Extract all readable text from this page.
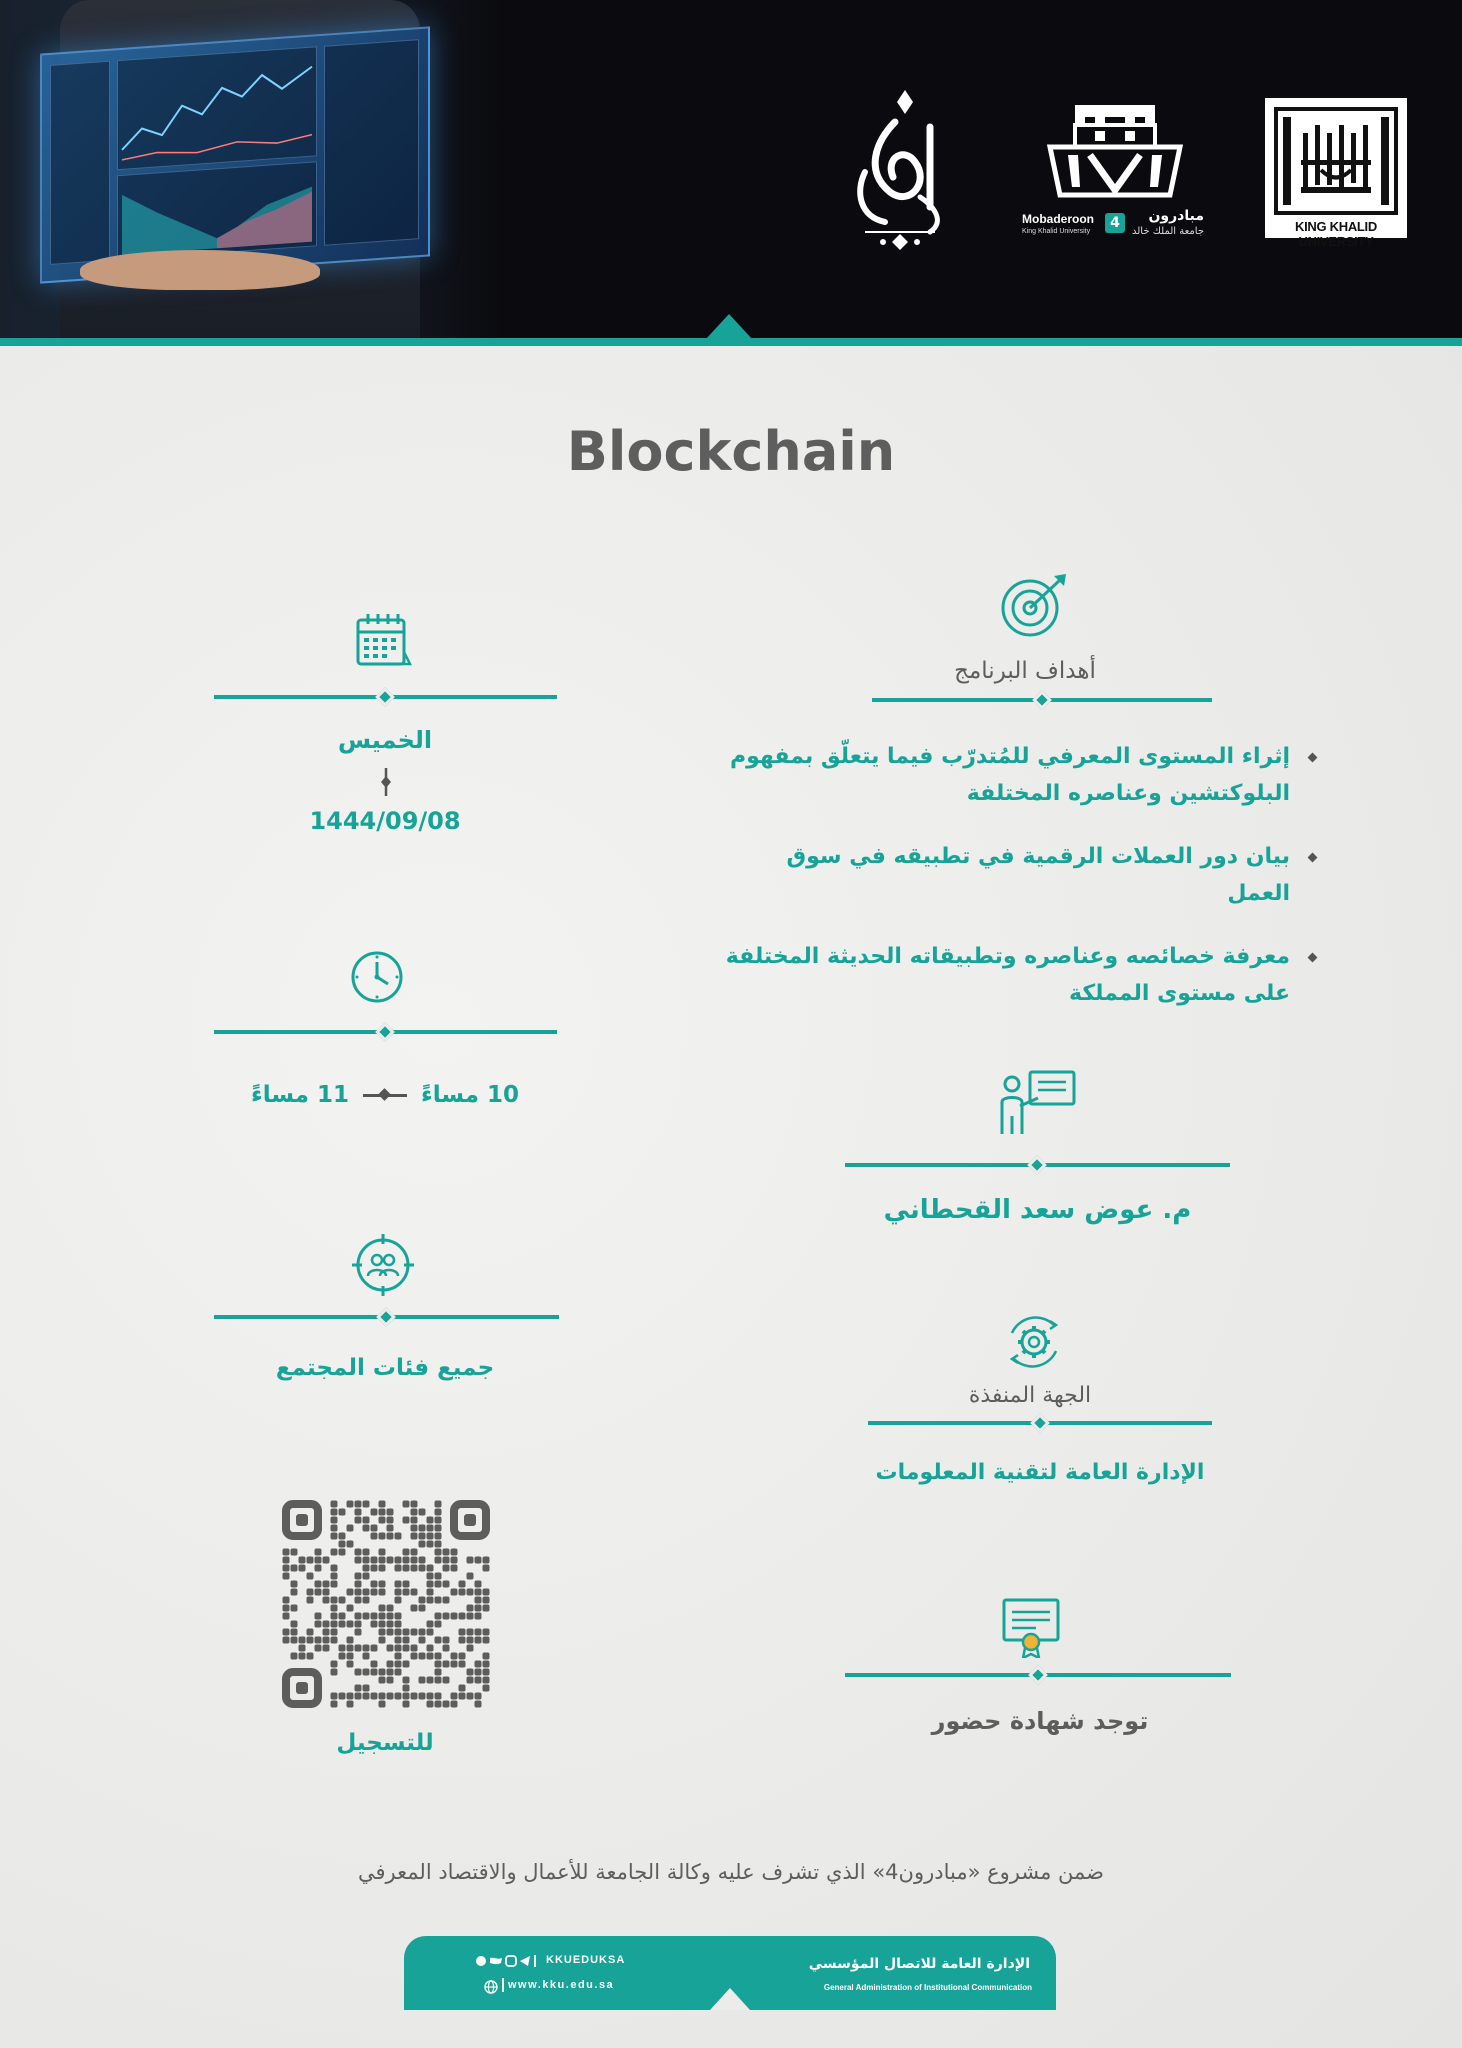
Mobaderoon
King Khalid University
4	مبادرون
جامعة الملك خالد	KING KHALID UNIVERSITY
Blockchain
أهداف البرنامج
إثراء المستوى المعرفي للمُتدرّب فيما يتعلّق بمفهوم البلوكتشين وعناصره المختلفة
بيان دور العملات الرقمية في تطبيقه في سوق العمل
معرفة خصائصه وعناصره وتطبيقاته الحديثة المختلفة على مستوى المملكة
م. عوض سعد القحطاني
الجهة المنفذة
الإدارة العامة لتقنية المعلومات
توجد شهادة حضور
الخميس
1444/09/08
10 مساءً
11 مساءً
جميع فئات المجتمع
للتسجيل
ضمن مشروع «مبادرون4» الذي تشرف عليه وكالة الجامعة للأعمال والاقتصاد المعرفي
KKUEDUKSA
www.kku.edu.sa
الإدارة العامة للاتصال المؤسسي
General Administration of Institutional Communication
